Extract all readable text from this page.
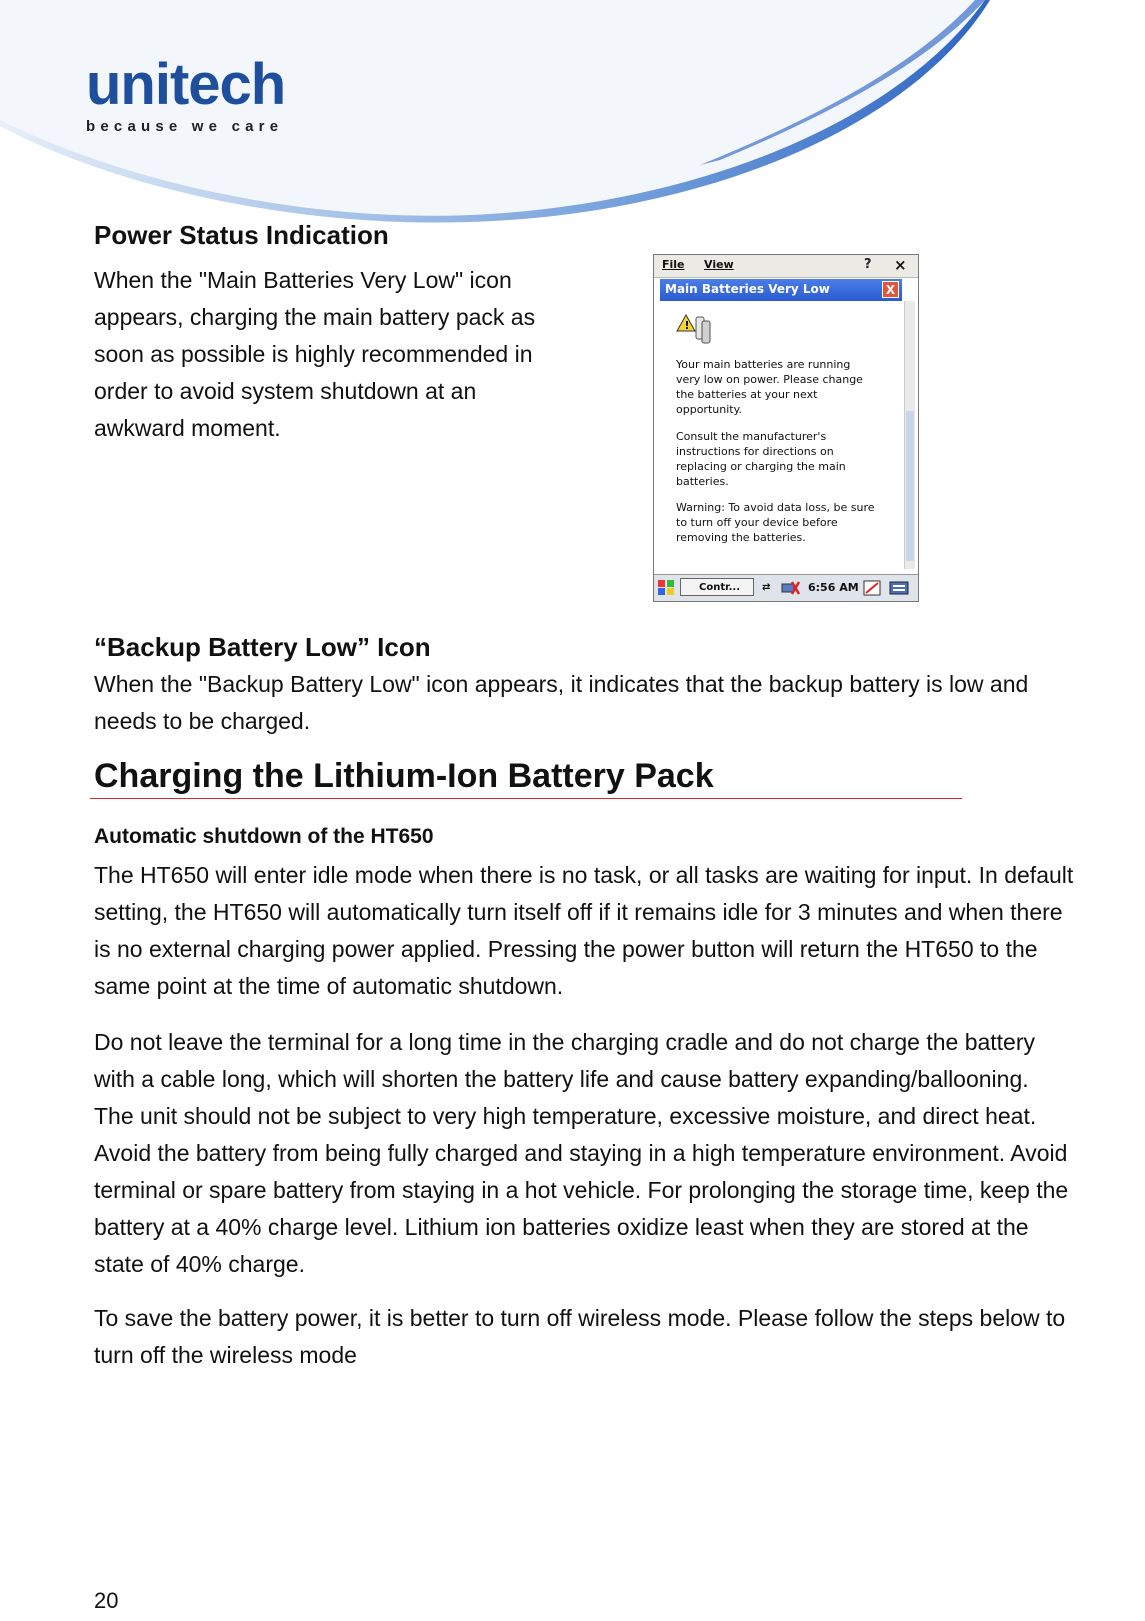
unitech
because we care
Power Status Indication
When the "Main Batteries Very Low" icon
appears, charging the main battery pack as
soon as possible is highly recommended in
order to avoid system shutdown at an
awkward moment.
File View	? ×
Main Batteries Very Low	X
!
Your main batteries are running
very low on power. Please change
the batteries at your next
opportunity.
Consult the manufacturer's
instructions for directions on
replacing or charging the main
batteries.
Warning: To avoid data loss, be sure
to turn off your device before
removing the batteries.
Contr...	⇄	6:56 AM
“Backup Battery Low” Icon
When the "Backup Battery Low" icon appears, it indicates that the backup battery is low and
needs to be charged.
Charging the Lithium-Ion Battery Pack
Automatic shutdown of the HT650
The HT650 will enter idle mode when there is no task, or all tasks are waiting for input. In default
setting, the HT650 will automatically turn itself off if it remains idle for 3 minutes and when there
is no external charging power applied. Pressing the power button will return the HT650 to the
same point at the time of automatic shutdown.
Do not leave the terminal for a long time in the charging cradle and do not charge the battery
with a cable long, which will shorten the battery life and cause battery expanding/ballooning.
The unit should not be subject to very high temperature, excessive moisture, and direct heat.
Avoid the battery from being fully charged and staying in a high temperature environment. Avoid
terminal or spare battery from staying in a hot vehicle. For prolonging the storage time, keep the
battery at a 40% charge level. Lithium ion batteries oxidize least when they are stored at the
state of 40% charge.
To save the battery power, it is better to turn off wireless mode. Please follow the steps below to
turn off the wireless mode
20
